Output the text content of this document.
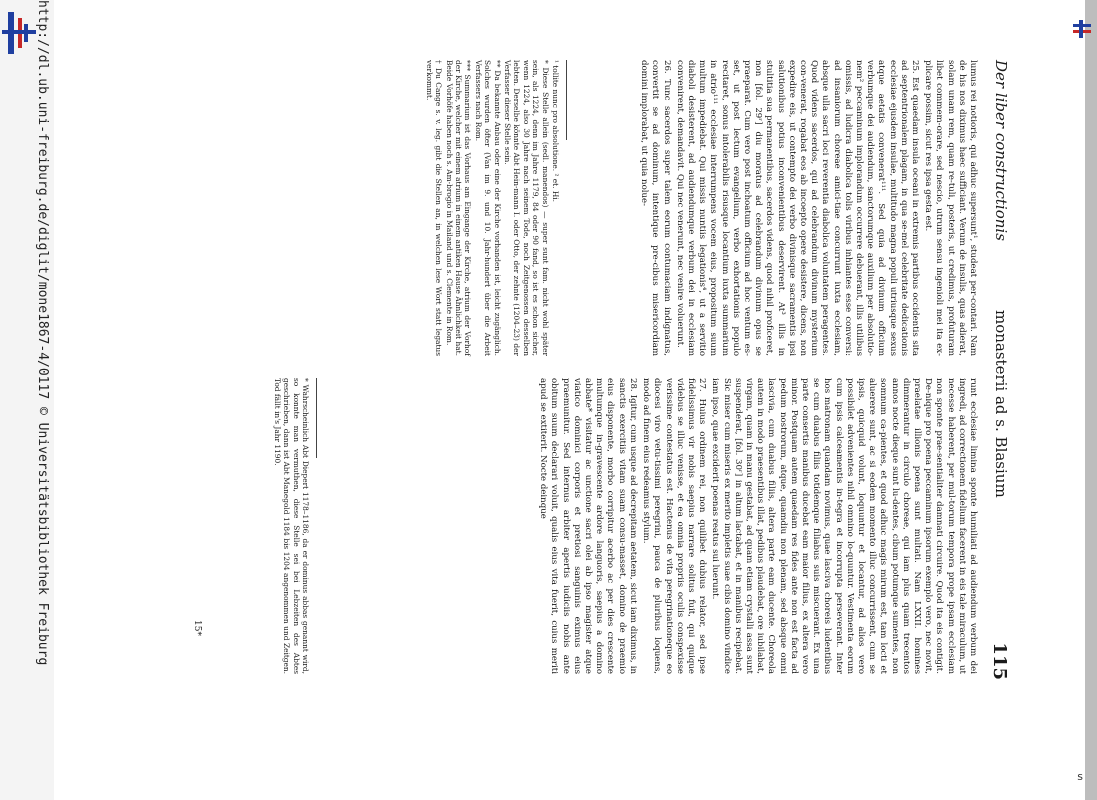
http://dl.ub.uni-freiburg.de/diglit/mone1867-4/0117 © Universitätsbibliothek Freiburg
s
Der liber constructionis
monasterii ad s. Blasium
115

lumus rei notioris, qui adhuc supersunt¹, studeat per-contari. Nam de his nos diximus haec sufficiant. Verum de insulis, quas adierat, solam unam rem, quam re-tuli, posteris, ut credimus, profuturam libet commem-orare, sed nescio, utrum sensu ingenioli mei ita ex-plicare possim, sicut res ipsa gesta est.

25. Est quaedam insula oceani in extremis partibus occidentis sita ad septentrionalem plagam, in qua se-mel celebritate dedicationis ecclesiae ejusdem insulae, multitudo magna populi utriusque sexus atque aetatis convenerat¹¹¹. Sed quia ad divinum officium verbumque dei audiendum, sanctorumque auxilium per absolutio-nem² peccaminum implorandum occurrere debuerant, illis utilibus omissis, ad ludicra diabolica tolis viribus inhiantes esse conversi: ad insaniorum choreae amici-tiae concurrunt iuxta ecclesiam, absque ulla sacri loci reverentia diabolica voluntatem peragentes. Quod videns sacerdos, qui ad celebrandum divinum mysterium con-venerat, rogabat eos ab incoepto opere desistere, dicens, non expedire eis, ut contempto dei verbo divinisque sacramentis ipsi salutionibus potius inconvenientibus deservirent. At³ illis in stultitia sua permanentibus, sacerdos videns, quod nihil proficeret, non [fol. 29ʳ] diu moratus ad celebrandum divinum opus se praeparat. Cum vero post inchoatum officium ad hoc ventum es-set, ut post lectum evangelium, verbo exhortationis populo recitaret, sonus intolerabilis risusque locantium iuxta summarium in atrio¹¹¹ ecclesiae interrumpens vocem eius, propositum suum multum impediebat. Qui missis nuntiis legationis⁴, ut a servitio diaboli desisterent, ad audiendumque verbum dei in ecclesiam convenirent, demandavit. Qui nec venerunt, nec venire voluerunt.

26. Tunc sacerdos super talem eorum contumaciam indignatus, convertit se ad dominum, intentique pre-cibus misericordiam domini implorabat, ut quia nolue-

¹ tollite nunc pro absolutione. ² et. Hi.

* Diese Stelle allein (sedl. manendos) — super sunt fam. nicht wohl später sein, als 1224, denn im Jahre 1179, 84 oder 90 fand, so ist es schon sicher, wenn 1224, also 30 Jahre nach seinem Tode, noch Zeitgenossen desselben lebten. Derselbe könnte Abt Hein-mann I. oder Otto, der zehnte (1204–23) der Verfasser dieser Stelle sein.

** Da bekannte Anbau oder eine der Kirche vorhanden ist, leicht zugänglich. Solches wurden öfter (Van im 9. und 10. Jahr-hundert über die Arbeit Verfassers nach Rom.

*** Summarium ist das Vorhaus am Eingange der Kirche, atrium der Vorhof der Kirche, welcher mit einem atrium in einem antiken Hause Ähnlichkeit hat. Beide Vorhöfe haben noch s. Am-brogio in Mailand und s. Clemente in Rom.

† Du Cange s. v. leg. gibt die Stellen an, in welchen lese Wort statt legatus verkommt.

runt ecclesiae limina sponte humiliati ad audiendum verbum dei ingredi, ad correctionem fidelium facerent in eis tale miraculum, ut necesse haberent, per mul-torum tempora prope ipsam ecclesiam non sponte prae-sentialiter damnati circuire. Quod ita eis contigit. De-nique pro poena peccaminum ipsorum exemplo vero, nec novit, praelatae illionis poena sunt multati. Nam LXXII. homines dimmerantur in circulo choreae, qui iam plus quam trecentos annos nocte dieque sunt lu-dentes, cibum potumque sumentes, non somnum ca-pientes, et quod adhuc magis mirum est, tam locti et aluerere sunt, ac si eodem momento illuc concurrissent, cum se ipsis, quicquid volunt, loquuntur et locantur, ad alios vero possibilet advenientes nihil omnino lo-quuntur. Vestimenta eorum cum ipsis calceamentis in-tegra et incorrupta perseverant. Inter hos matronam quandam novimus, quae lasciva choreis ludentibus se cum duabus filiis totidemque filiabus suis miscuerant. Ex una parte consertis manibus ducebat eam maior filius, ex altera vero minor. Postquam autem quaedam res fides ante non est facta ad pedum nostrorum, atque, quamdiu non plenam, sed absque omni lascivia, cum duabus filiis, altera parte eam ducente. Choreola autem in modo praesentibus illat, pedibus plaudebat, ore iubilabat, virgam, quam in manu gestabat, ad quam etiam crystalli assa sunt suspenderat, [fol. 30ʳ] in altum lactabat, et in manibus recipiebat. Sic miser cum miseris ex merito impletis suae cibis domino vindice iam ipso, quae exciderit poenas reatus sui luerunt.

27. Huius ordinem rei, non quilibet dubius relator, sed ipse fidelissimus vir nobis saepius narrare solitus fuit, qui quique videbus se illuc venisse, et ea omnia propriis oculis conspexisse verissime contestatus est. Hactenus de vita peregrinationeque eo diocesi viro vetu-tissimi peregrini, pauca de pluribus loquens, modo ad finem eius redeamus stylum.

28. Igitur, cum usque ad decrepitam aetatem, sicut iam diximus, in sanctis exercitiis vitam suam consu-masset, domino de praemio eius disponente, morbo corripitur acerbo ac per dies crescente multumque in-gravescente ardore languoris, saepius a domino abbate* visitatur ac unctione sacri olei ab ipso magister atque viatico dominici corporis et pretiosi sanguinis eximus eius praemunitur. Sed internus arbiter apertis iudiciis nobis ante obitum suum declarari voluit, qualis eius vita fuerit, cuius meriti apud se extiterit. Nocte deinque

* Wahrscheinlich Abt Diepert 1178–1186, da er dominus abbas genannt wird, so konnte man vermuthen, diese Stelle sei bei Lebzeiten des Abtes geschrieben, dann ist Abt Manegold 1184 bis 1204 angenommen und Zeitgen. Tod fällt in's Jahr 1190.

15*
